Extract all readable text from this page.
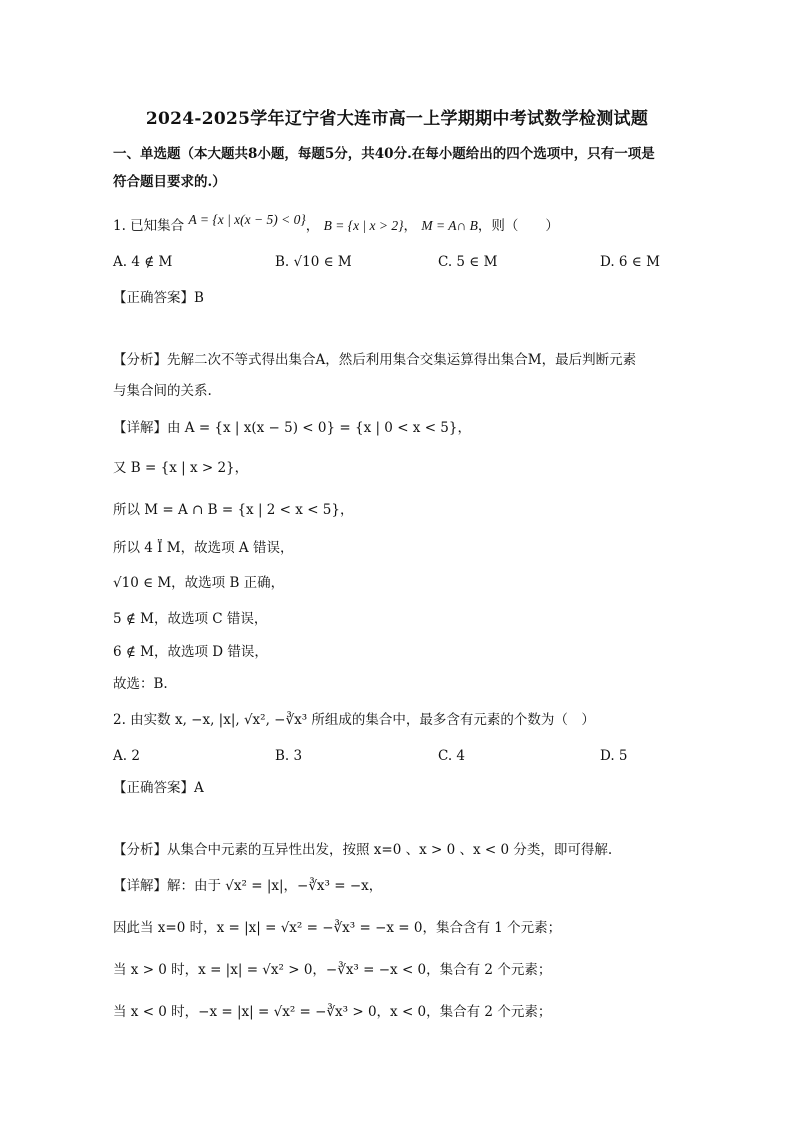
2024-2025学年辽宁省大连市高一上学期期中考试数学检测试题
一、单选题（本大题共8小题，每题5分，共40分.在每小题给出的四个选项中，只有一项是
符合题目要求的.）
1. 已知集合 A = {x | x(x − 5) < 0}， B = {x | x > 2}， M = A∩ B，则（　　）
A. 4 ∉ M	B. √10 ∈ M	C. 5 ∈ M	D. 6 ∈ M
【正确答案】B
【分析】先解二次不等式得出集合A，然后利用集合交集运算得出集合M，最后判断元素
与集合间的关系.
【详解】由 A = {x | x(x − 5) < 0} = {x | 0 < x < 5}，
又 B = {x | x > 2}，
所以 M = A ∩ B = {x | 2 < x < 5}，
所以 4 Ï M，故选项 A 错误，
√10 ∈ M，故选项 B 正确，
5 ∉ M，故选项 C 错误，
6 ∉ M，故选项 D 错误，
故选：B.
2. 由实数 x, −x, |x|, √x², −∛x³ 所组成的集合中，最多含有元素的个数为（　）
A. 2	B. 3	C. 4	D. 5
【正确答案】A
【分析】从集合中元素的互异性出发，按照 x=0 、x > 0 、x < 0 分类，即可得解.
【详解】解：由于 √x² = |x|，−∛x³ = −x，
因此当 x=0 时，x = |x| = √x² = −∛x³ = −x = 0，集合含有 1 个元素；
当 x > 0 时，x = |x| = √x² > 0，−∛x³ = −x < 0，集合有 2 个元素；
当 x < 0 时，−x = |x| = √x² = −∛x³ > 0，x < 0，集合有 2 个元素；
